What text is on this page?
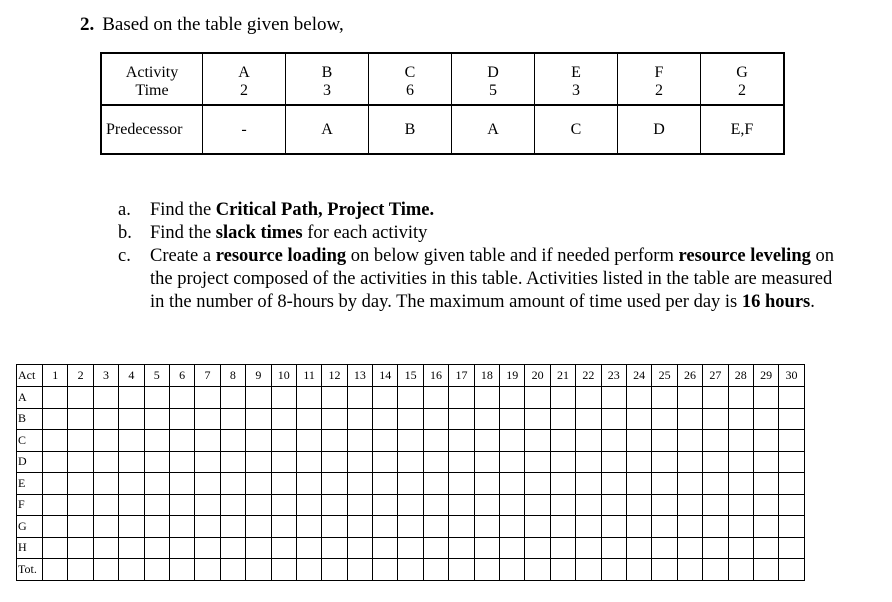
2. Based on the table given below,
Activity	A	B	C	D	E	F	G
Time	2	3	6	5	3	2	2
Predecessor	-	A	B	A	C	D	E,F
a. Find the Critical Path, Project Time.
b. Find the slack times for each activity
c. Create a resource loading on below given table and if needed perform resource leveling on the project composed of the activities in this table. Activities listed in the table are measured in the number of 8-hours by day. The maximum amount of time used per day is 16 hours.
Act	1	2	3	4	5	6	7	8	9	10	11	12	13	14	15	16	17	18	19	20	21	22	23	24	25	26	27	28	29	30
A																														
B																														
C																														
D																														
E																														
F																														
G																														
H																														
Tot.																														
